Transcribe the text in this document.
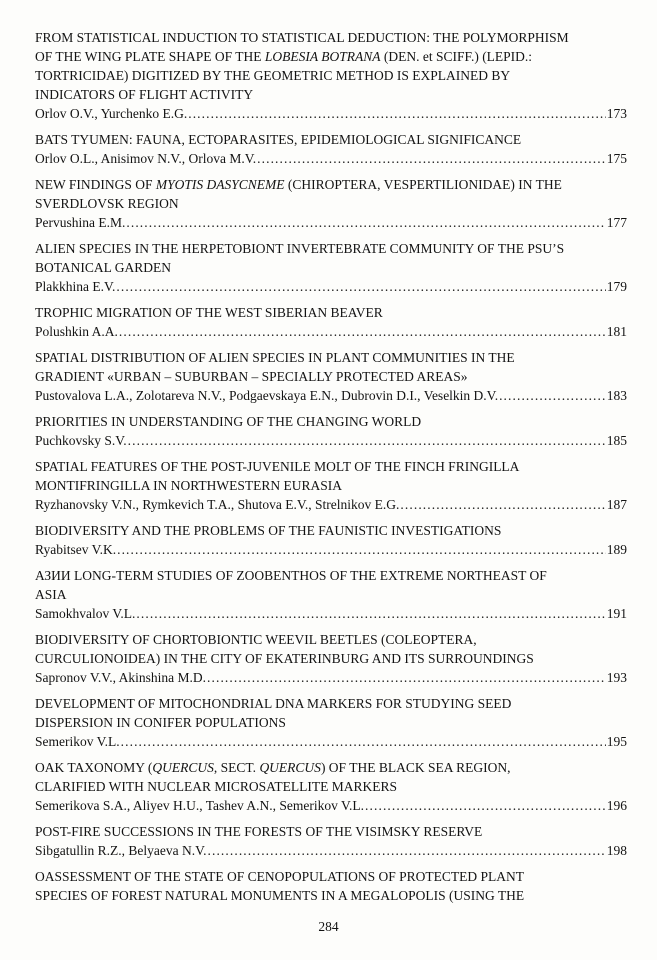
FROM STATISTICAL INDUCTION TO STATISTICAL DEDUCTION: THE POLYMORPHISM
OF THE WING PLATE SHAPE OF THE LOBESIA BOTRANA (DEN. et SCIFF.) (LEPID.:
TORTRICIDAE) DIGITIZED BY THE GEOMETRIC METHOD IS EXPLAINED BY
INDICATORS OF FLIGHT ACTIVITY
Orlov O.V., Yurchenko E.G. .....	173
BATS TYUMEN: FAUNA, ECTOPARASITES, EPIDEMIOLOGICAL SIGNIFICANCE
Orlov O.L., Anisimov N.V., Orlova M.V. .....	175
NEW FINDINGS OF MYOTIS DASYCNEME (CHIROPTERA, VESPERTILIONIDAE) IN THE
SVERDLOVSK REGION
Pervushina E.M. .....	177
ALIEN SPECIES IN THE HERPETOBIONT INVERTEBRATE COMMUNITY OF THE PSU’S
BOTANICAL GARDEN
Plakkhina E.V. .....	179
TROPHIC MIGRATION OF THE WEST SIBERIAN BEAVER
Polushkin A.A. .....	181
SPATIAL DISTRIBUTION OF ALIEN SPECIES IN PLANT COMMUNITIES IN THE
GRADIENT «URBAN – SUBURBAN – SPECIALLY PROTECTED AREAS»
Pustovalova L.A., Zolotareva N.V., Podgaevskaya E.N., Dubrovin D.I., Veselkin D.V. .....	183
PRIORITIES IN UNDERSTANDING OF THE CHANGING WORLD
Puchkovsky S.V. .....	185
SPATIAL FEATURES OF THE POST-JUVENILE MOLT OF THE FINCH FRINGILLA
MONTIFRINGILLA IN NORTHWESTERN EURASIA
Ryzhanovsky V.N., Rymkevich T.A., Shutova E.V., Strelnikov E.G. .....	187
BIODIVERSITY AND THE PROBLEMS OF THE FAUNISTIC INVESTIGATIONS
Ryabitsev V.K. .....	189
АЗИИ LONG-TERM STUDIES OF ZOOBENTHOS OF THE EXTREME NORTHEAST OF
ASIA
Samokhvalov V.L. .....	191
BIODIVERSITY OF CHORTOBIONTIC WEEVIL BEETLES (COLEOPTERA,
CURCULIONOIDEA) IN THE CITY OF EKATERINBURG AND ITS SURROUNDINGS
Sapronov V.V., Akinshina M.D. .....	193
DEVELOPMENT OF MITOCHONDRIAL DNA MARKERS FOR STUDYING SEED
DISPERSION IN CONIFER POPULATIONS
Semerikov V.L. .....	195
OAK TAXONOMY (QUERCUS, SECT. QUERCUS) OF THE BLACK SEA REGION,
CLARIFIED WITH NUCLEAR MICROSATELLITE MARKERS
Semerikova S.A., Aliyev H.U., Tashev A.N., Semerikov V.L. .....	196
POST-FIRE SUCCESSIONS IN THE FORESTS OF THE VISIMSKY RESERVE
Sibgatullin R.Z., Belyaeva N.V. .....	198
OASSESSMENT OF THE STATE OF CENOPOPULATIONS OF PROTECTED PLANT
SPECIES OF FOREST NATURAL MONUMENTS IN A MEGALOPOLIS (USING THE
284
